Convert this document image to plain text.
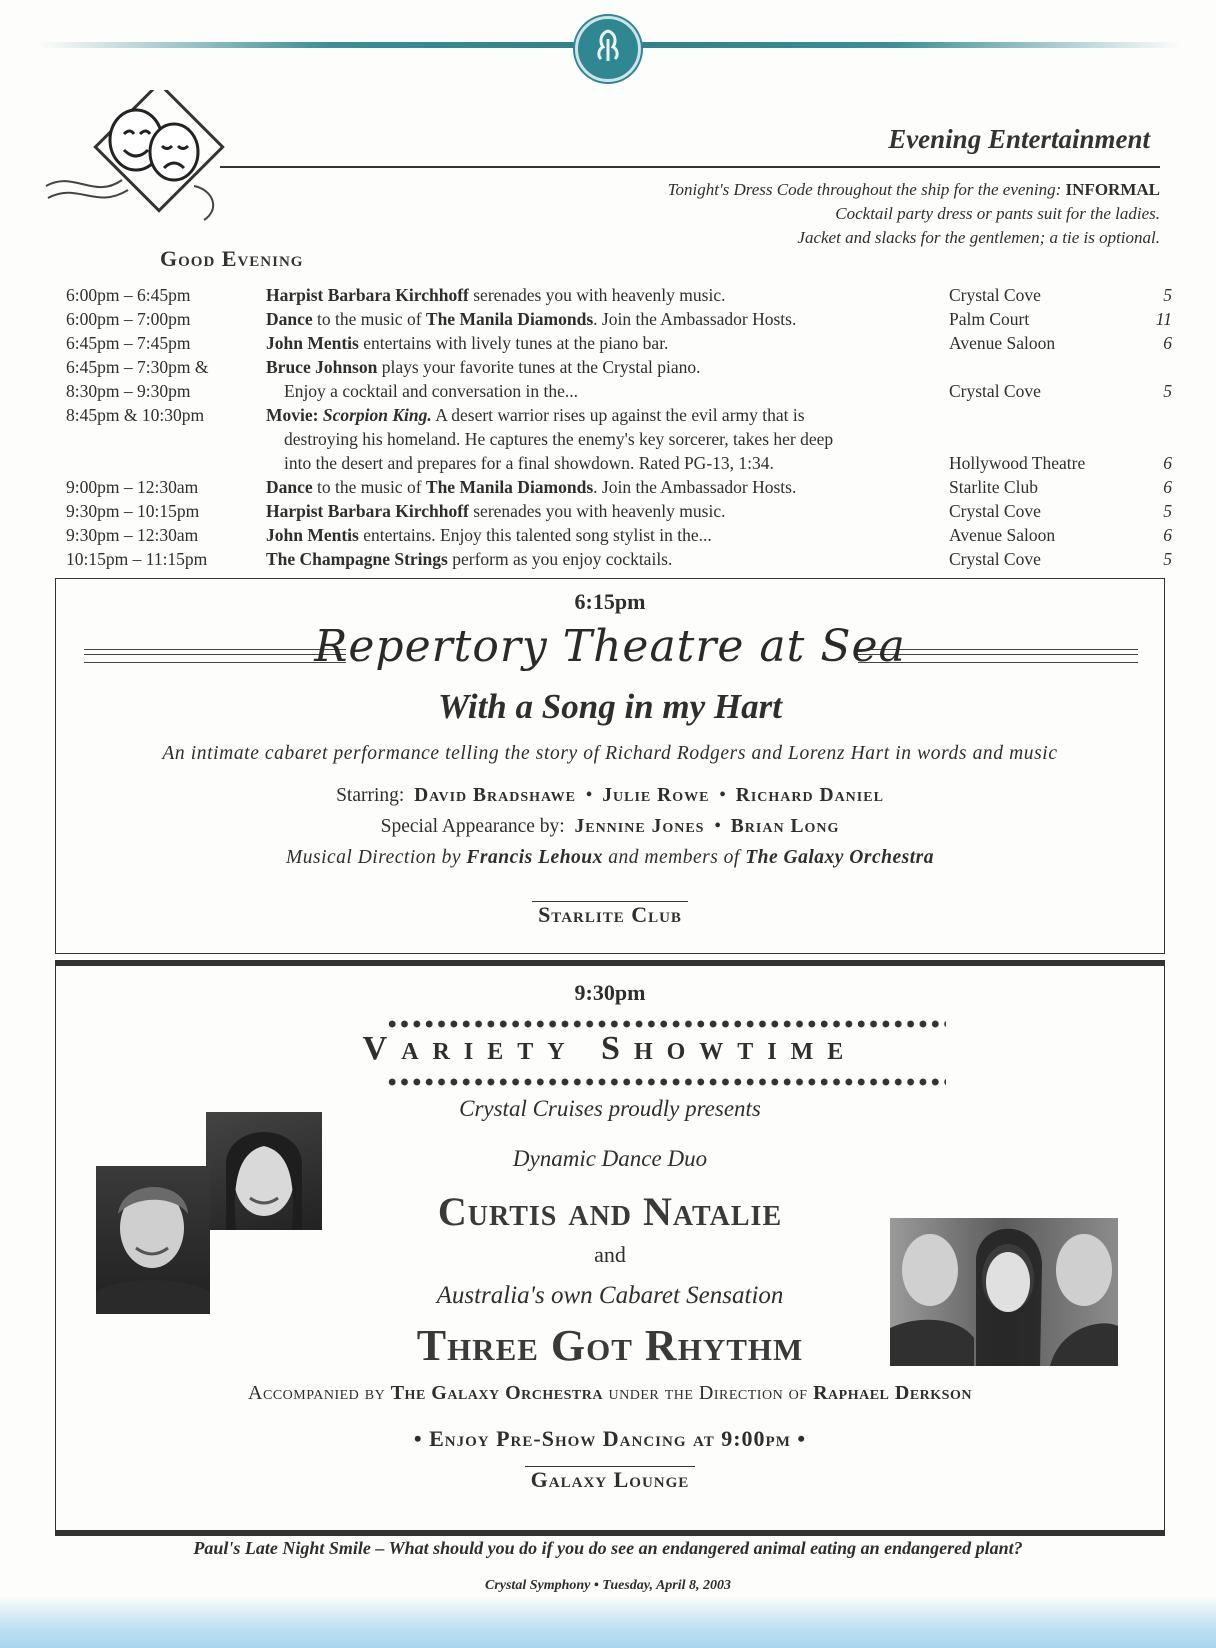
Evening Entertainment
Tonight's Dress Code throughout the ship for the evening: INFORMAL
Cocktail party dress or pants suit for the ladies.
Jacket and slacks for the gentlemen; a tie is optional.
Good Evening
6:00pm – 6:45pm	Harpist Barbara Kirchhoff serenades you with heavenly music.	Crystal Cove	5
6:00pm – 7:00pm	Dance to the music of The Manila Diamonds. Join the Ambassador Hosts.	Palm Court	11
6:45pm – 7:45pm	John Mentis entertains with lively tunes at the piano bar.	Avenue Saloon	6
6:45pm – 7:30pm &	Bruce Johnson plays your favorite tunes at the Crystal piano.
8:30pm – 9:30pm	Enjoy a cocktail and conversation in the...	Crystal Cove	5
8:45pm & 10:30pm	Movie: Scorpion King. A desert warrior rises up against the evil army that is
destroying his homeland. He captures the enemy's key sorcerer, takes her deep
into the desert and prepares for a final showdown. Rated PG-13, 1:34.	Hollywood Theatre	6
9:00pm – 12:30am	Dance to the music of The Manila Diamonds. Join the Ambassador Hosts.	Starlite Club	6
9:30pm – 10:15pm	Harpist Barbara Kirchhoff serenades you with heavenly music.	Crystal Cove	5
9:30pm – 12:30am	John Mentis entertains. Enjoy this talented song stylist in the...	Avenue Saloon	6
10:15pm – 11:15pm	The Champagne Strings perform as you enjoy cocktails.	Crystal Cove	5
6:15pm
Repertory Theatre at Sea
With a Song in my Hart
An intimate cabaret performance telling the story of Richard Rodgers and Lorenz Hart in words and music
Starring: David Bradshawe  •  Julie Rowe  •  Richard Daniel
Special Appearance by: Jennine Jones  •  Brian Long
Musical Direction by Francis Lehoux and members of The Galaxy Orchestra
Starlite Club
9:30pm
Variety Showtime
Crystal Cruises proudly presents
Dynamic Dance Duo
Curtis and Natalie
and
Australia's own Cabaret Sensation
Three Got Rhythm
Accompanied by The Galaxy Orchestra under the Direction of Raphael Derkson
• Enjoy Pre-Show Dancing at 9:00pm •
Galaxy Lounge
Paul's Late Night Smile – What should you do if you do see an endangered animal eating an endangered plant?
Crystal Symphony • Tuesday, April 8, 2003
